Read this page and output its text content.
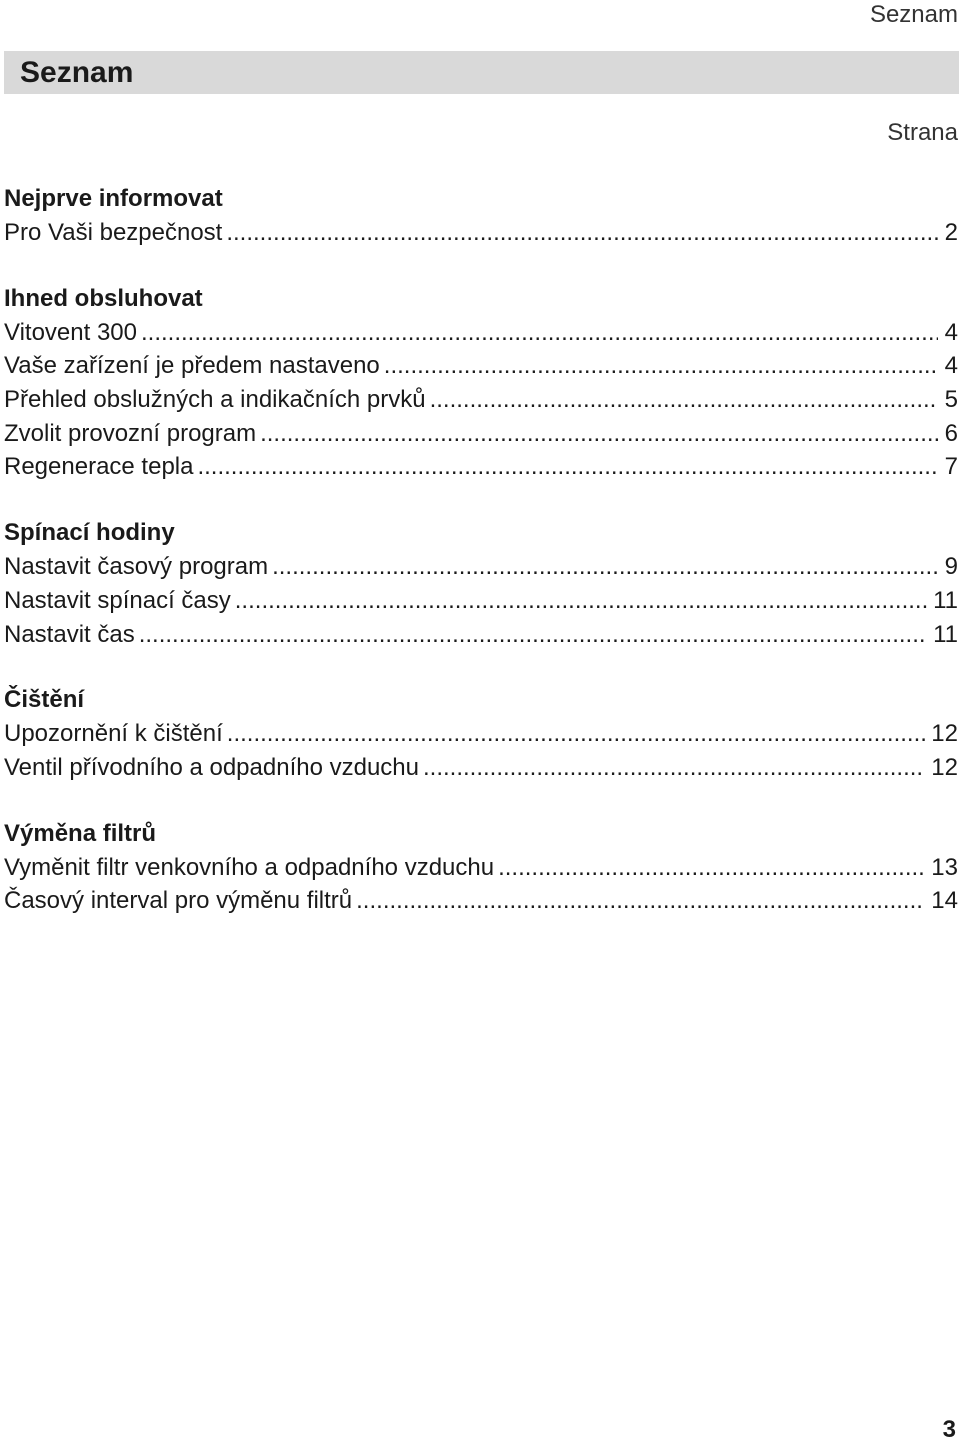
Seznam
Seznam
Strana
Nejprve informovat
Pro Vaši bezpečnost .....	2
Ihned obsluhovat
Vitovent 300 .....	4
Vaše zařízení je předem nastaveno .....	4
Přehled obslužných a indikačních prvků .....	5
Zvolit provozní program .....	6
Regenerace tepla .....	7
Spínací hodiny
Nastavit časový program .....	9
Nastavit spínací časy .....	11
Nastavit čas .....	11
Čištění
Upozornění k čištění .....	12
Ventil přívodního a odpadního vzduchu .....	12
Výměna filtrů
Vyměnit filtr venkovního a odpadního vzduchu .....	13
Časový interval pro výměnu filtrů .....	14
3
